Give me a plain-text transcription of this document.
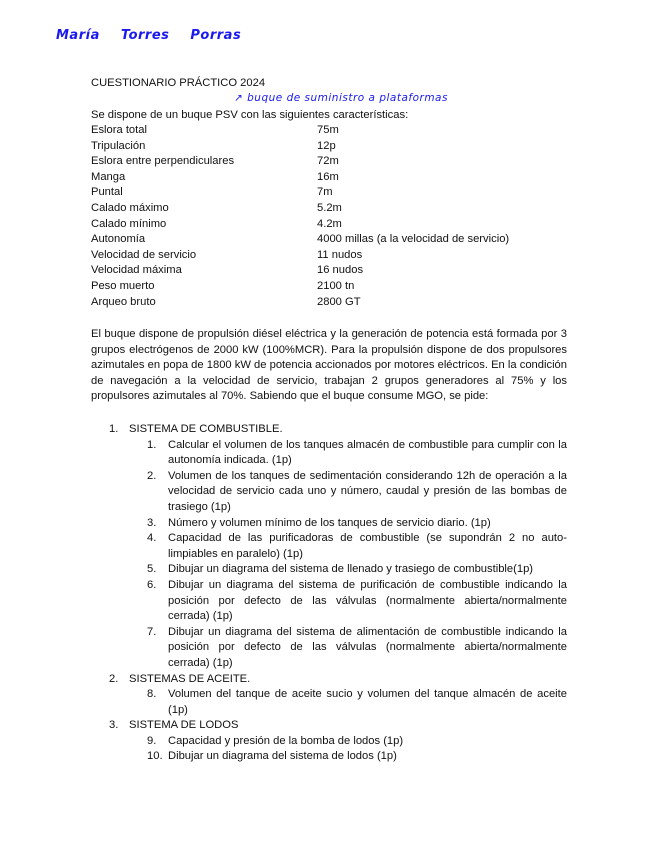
María Torres Porras
↗ buque de suministro a plataformas
CUESTIONARIO PRÁCTICO 2024
Se dispone de un buque PSV con las siguientes características:
Eslora total	75m
Tripulación	12p
Eslora entre perpendiculares	72m
Manga	16m
Puntal	7m
Calado máximo	5.2m
Calado mínimo	4.2m
Autonomía	4000 millas (a la velocidad de servicio)
Velocidad de servicio	11 nudos
Velocidad máxima	16 nudos
Peso muerto	2100 tn
Arqueo bruto	2800 GT
El buque dispone de propulsión diésel eléctrica y la generación de potencia está formada por 3 grupos electrógenos de 2000 kW (100%MCR). Para la propulsión dispone de dos propulsores azimutales en popa de 1800 kW de potencia accionados por motores eléctricos. En la condición de navegación a la velocidad de servicio, trabajan 2 grupos generadores al 75% y los propulsores azimutales al 70%. Sabiendo que el buque consume MGO, se pide:
1. SISTEMA DE COMBUSTIBLE.
1.	Calcular el volumen de los tanques almacén de combustible para cumplir con la autonomía indicada. (1p)
2.	Volumen de los tanques de sedimentación considerando 12h de operación a la velocidad de servicio cada uno y número, caudal y presión de las bombas de trasiego (1p)
3.	Número y volumen mínimo de los tanques de servicio diario. (1p)
4.	Capacidad de las purificadoras de combustible (se supondrán 2 no auto-limpiables en paralelo) (1p)
5.	Dibujar un diagrama del sistema de llenado y trasiego de combustible(1p)
6.	Dibujar un diagrama del sistema de purificación de combustible indicando la posición por defecto de las válvulas (normalmente abierta/normalmente cerrada) (1p)
7.	Dibujar un diagrama del sistema de alimentación de combustible indicando la posición por defecto de las válvulas (normalmente abierta/normalmente cerrada) (1p)
2. SISTEMAS DE ACEITE.
8.	Volumen del tanque de aceite sucio y volumen del tanque almacén de aceite (1p)
3. SISTEMA DE LODOS
9.	Capacidad y presión de la bomba de lodos (1p)
10. Dibujar un diagrama del sistema de lodos (1p)
